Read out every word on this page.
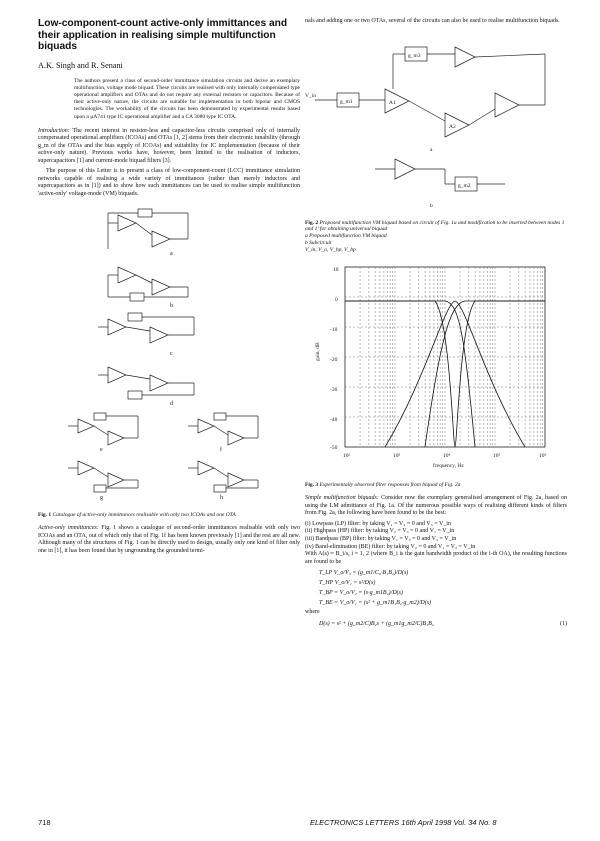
Low-component-count active-only immittances and their application in realising simple multifunction biquads

A.K. Singh and R. Senani

The authors present a class of second-order immittance simulation circuits and derive an exemplary multifunction, voltage mode biquad. These circuits are realised with only internally compensated type operational amplifiers and OTAs and do not require any external resistors or capacitors. Because of their active-only nature, the circuits are suitable for implementation in both bipolar and CMOS technologies. The workability of the circuits has been demonstrated by experimental results based upon a µA741 type IC operational amplifier and a CA 3080 type IC OTA.

Introduction: The recent interest in resistor-less and capacitor-less circuits comprised only of internally compensated operational amplifiers (ICOAs) and OTAs [1, 2] stems from their electronic tunability (through g_m of the OTAs and the bias supply of ICOAs) and suitability for IC implementation (because of their active-only nature). Previous works have, however, been limited to the realisation of inductors, supercapacitors [1] and current-mode biquad filters [3].

The purpose of this Letter is to present a class of low-component-count (LCC) immittance simulation networks capable of realising a wide variety of immittances (rather than merely inductors and supercapacitors as in [1]) and to show how such immittances can be used to realise simple multifunction 'active-only' voltage-mode (VM) biquads.

a
b
c
d
e	f
g	h

Fig. 1 Catalogue of active-only immittances realisable with only two ICOAs and one OTA

Active-only immittances: Fig. 1 shows a catalogue of second-order immittances realisable with only two ICOAs and an OTA, out of which only that of Fig. 1f has been known previously [1] and the rest are all new. Although many of the structures of Fig. 1 can be directly used to design, usually only one kind of filter only one in [1], it has been found that by ungrounding the grounded termi-

nals and adding one or two OTAs, several of the circuits can also be used to realise multifunction biquads.

g_m3
g_m1
g_m2
V_in
A1
A2
a
b

Fig. 2 Proposed multifunction VM biquad based on circuit of Fig. 1a and modification to be inserted between nodes 1 and 1' for obtaining universal biquad
a Proposed multifunction VM biquad
b Subcircuit
V_in, V_o, V_hp, V_bp

frequency, Hz
gain, dB
10²	10³	10⁴	10⁵	10⁶
10
0
-10
-20
-30
-40
-50

Fig. 3 Experimentally observed filter responses from biquad of Fig. 2a

Simple multifunction biquads: Consider now the exemplary generalised arrangement of Fig. 2a, based on using the LM admittance of Fig. 1a. Of the numerous possible ways of realising different kinds of filters from Fig. 2a, the following have been found to be the best:

(i) Lowpass (LP) filter: by taking V₁ = V₂ = 0 and V₃ = V_in
(ii) Highpass (HP) filter: by taking V₂ = V₃ = 0 and V₁ = V_in
(iii) Bandpass (BP) filter: by taking V₁ = V₃ = 0 and V₂ = V_in
(iv) Band-elimination (BE) filter: by taking V₂ = 0 and V₁ = V₃ = V_in

With A(s) ≈ B_i/s, i = 1, 2 (where B_i is the gain bandwidth product of the i-th OA), the resulting functions are found to be

T_LP V_o/V₃ = (g_m1/C₀·B₁B₂)/D(s)
T_HP V_o/V₁ = s²/D(s)
T_BP = V_o/V₂ = (s·g_m1B₂)/D(s)
T_BE = V_o/V₁ = (s² + g_m1B₁B₂·g_m2)/D(s)

where

D(s) = s² + (g_m2/C)B₂s + (g_m1g_m2/C)B₁B₂	(1)
718	ELECTRONICS LETTERS 16th April 1998 Vol. 34 No. 8
